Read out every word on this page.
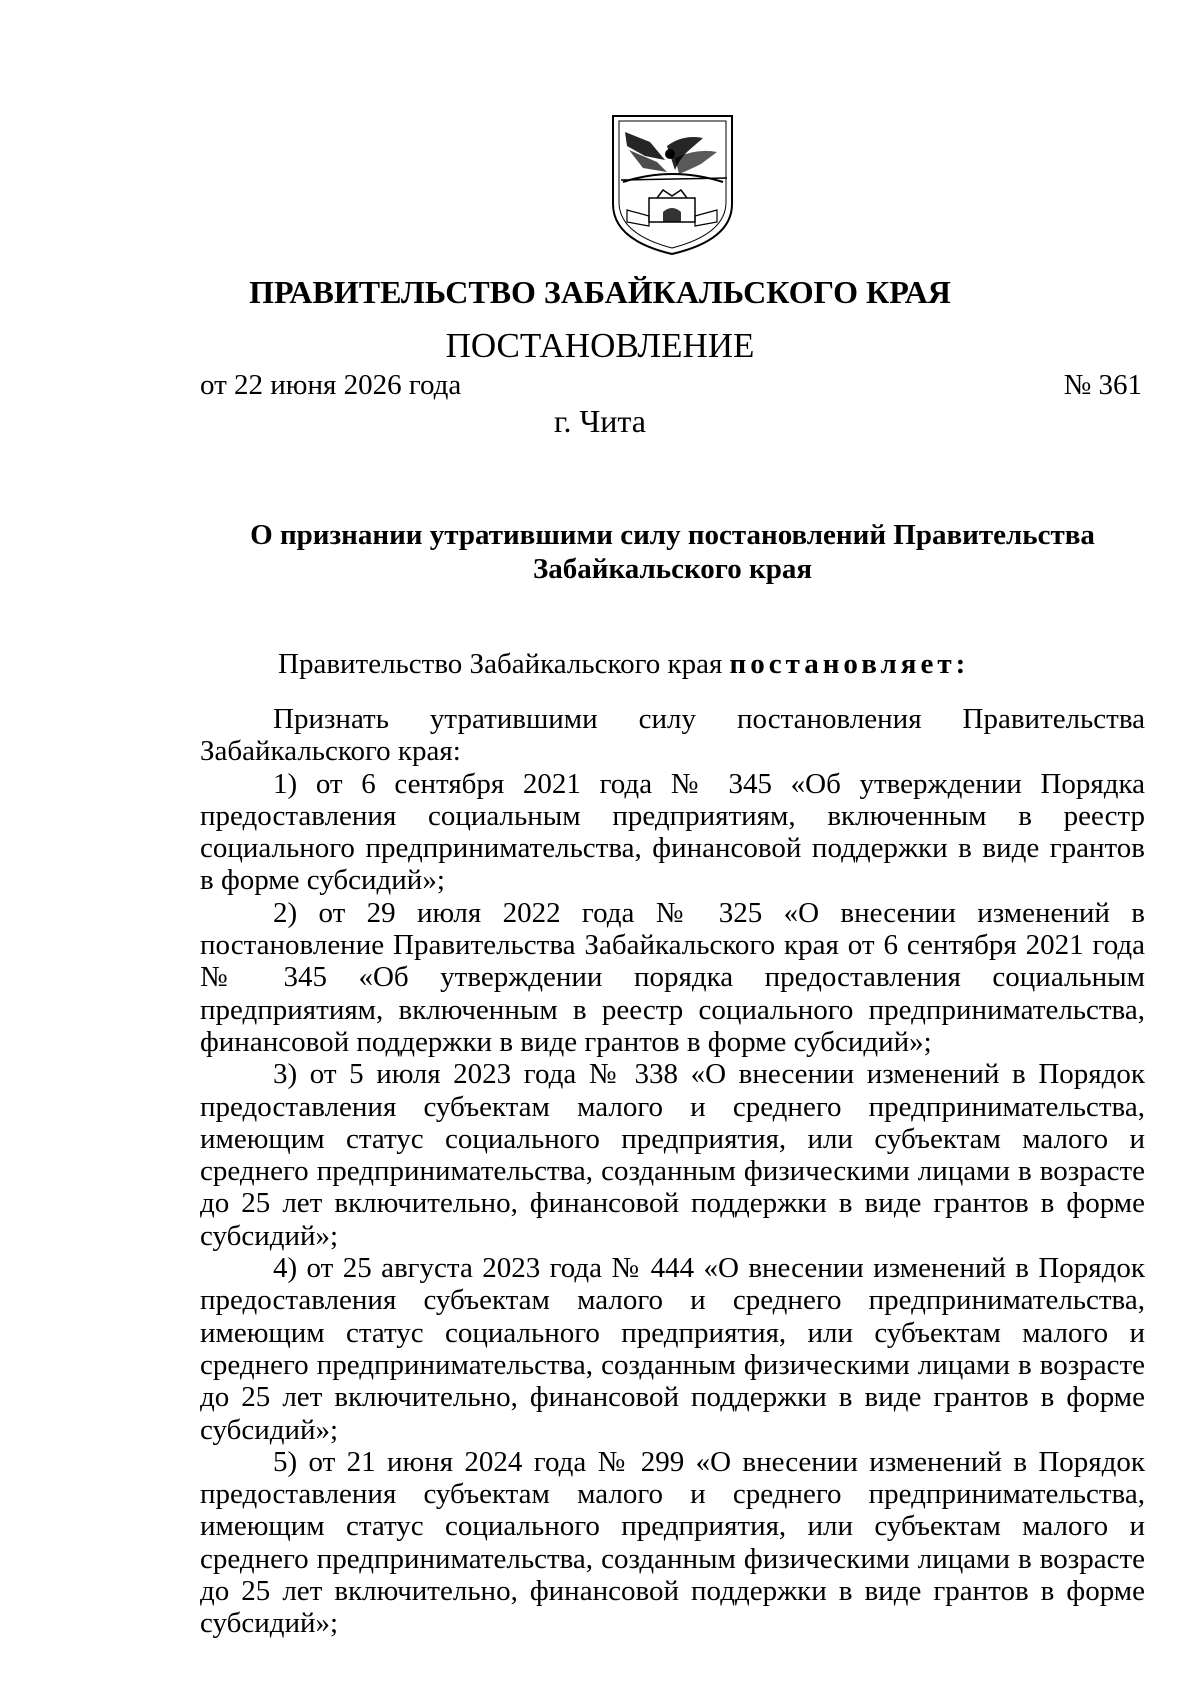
ПРАВИТЕЛЬСТВО ЗАБАЙКАЛЬСКОГО КРАЯ
ПОСТАНОВЛЕНИЕ
от 22 июня 2026 года	№ 361
г. Чита
О признании утратившими силу постановлений Правительства Забайкальского края
Правительство Забайкальского края постановляет:

Признать утратившими силу постановления Правительства Забайкальского края:

1) от 6 сентября 2021 года № 345 «Об утверждении Порядка предоставления социальным предприятиям, включенным в реестр социального предпринимательства, финансовой поддержки в виде грантов в форме субсидий»;

2) от 29 июля 2022 года № 325 «О внесении изменений в постановление Правительства Забайкальского края от 6 сентября 2021 года № 345 «Об утверждении порядка предоставления социальным предприятиям, включенным в реестр социального предпринимательства, финансовой поддержки в виде грантов в форме субсидий»;

3) от 5 июля 2023 года № 338 «О внесении изменений в Порядок предоставления субъектам малого и среднего предпринимательства, имеющим статус социального предприятия, или субъектам малого и среднего предпринимательства, созданным физическими лицами в возрасте до 25 лет включительно, финансовой поддержки в виде грантов в форме субсидий»;

4) от 25 августа 2023 года № 444 «О внесении изменений в Порядок предоставления субъектам малого и среднего предпринимательства, имеющим статус социального предприятия, или субъектам малого и среднего предпринимательства, созданным физическими лицами в возрасте до 25 лет включительно, финансовой поддержки в виде грантов в форме субсидий»;

5) от 21 июня 2024 года № 299 «О внесении изменений в Порядок предоставления субъектам малого и среднего предпринимательства, имеющим статус социального предприятия, или субъектам малого и среднего предпринимательства, созданным физическими лицами в возрасте до 25 лет включительно, финансовой поддержки в виде грантов в форме субсидий»;
